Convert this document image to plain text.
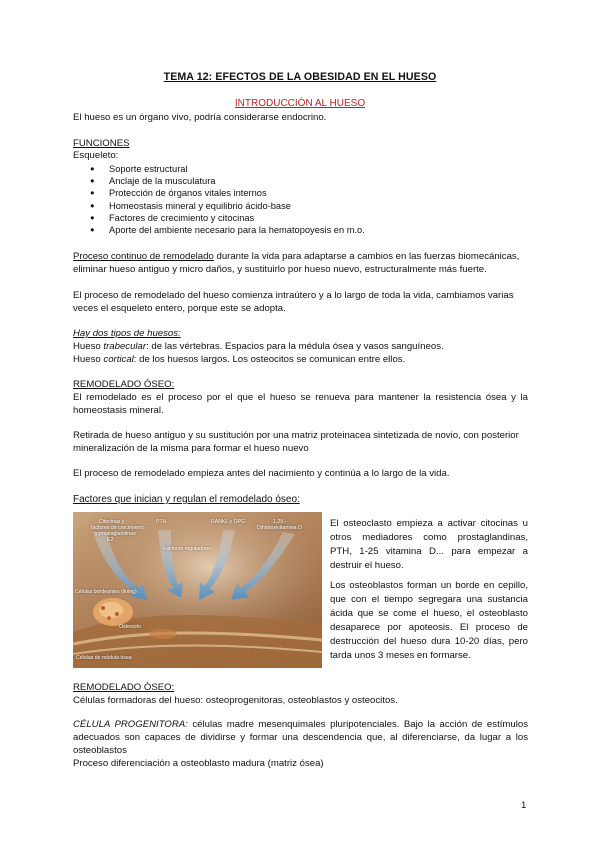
TEMA 12: EFECTOS DE LA OBESIDAD EN EL HUESO
INTRODUCCIÓN AL HUESO
El hueso es un órgano vivo, podría considerarse endocrino.
FUNCIONES
Esqueleto:
● Soporte estructural
● Anclaje de la musculatura
● Protección de órganos vitales internos
● Homeostasis mineral y equilibrio ácido-base
● Factores de crecimiento y citocinas
● Aporte del ambiente necesario para la hematopoyesis en m.o.
Proceso continuo de remodelado durante la vida para adaptarse a cambios en las fuerzas biomecánicas,
eliminar hueso antiguo y micro daños, y sustituirlo por hueso nuevo, estructuralmente más fuerte.
El proceso de remodelado del hueso comienza intraútero y a lo largo de toda la vida, cambiamos varias
veces el esqueleto entero, porque este se adopta.
Hay dos tipos de huesos:
Hueso trabecular: de las vértebras. Espacios para la médula ósea y vasos sanguíneos.
Hueso cortical: de los huesos largos. Los osteocitos se comunican entre ellos.
REMODELADO ÓSEO:
El remodelado es el proceso por el que el hueso se renueva para mantener la resistencia ósea y la
homeostasis mineral.
Retirada de hueso antiguo y su sustitución por una matriz proteinacea sintetizada de novio, con posterior
mineralización de la misma para formar el hueso nuevo
El proceso de remodelado empieza antes del nacimiento y continúa a lo largo de la vida.
Factores que inician y regulan el remodelado óseo:
Citocinas y
factores de crecimiento
y prostaglandinas
E2
PTH	RANKL y OPG	1,25 -
Dihidroxivitamina D
Factores reguladores
Células bordeantes (lining)
Osteocito
Células de médula ósea
El osteoclasto empieza a activar citocinas u
otros mediadores como prostaglandinas,
PTH, 1-25 vitamina D... para empezar a
destruir el hueso.
Los osteoblastos forman un borde en cepillo,
que con el tiempo segregara una sustancia
ácida que se come el hueso, el osteoblasto
desaparece por apoteosis. El proceso de
destrucción del hueso dura 10-20 días, pero
tarda unos 3 meses en formarse.
REMODELADO ÓSEO:
Células formadoras del hueso: osteoprogenitoras, osteoblastos y osteocitos.
CÉLULA PROGENITORA: células madre mesenquimales pluripotenciales. Bajo la acción de estímulos
adecuados son capaces de dividirse y formar una descendencia que, al diferenciarse, da lugar a los
osteoblastos
Proceso diferenciación a osteoblasto madura (matriz ósea)
1
